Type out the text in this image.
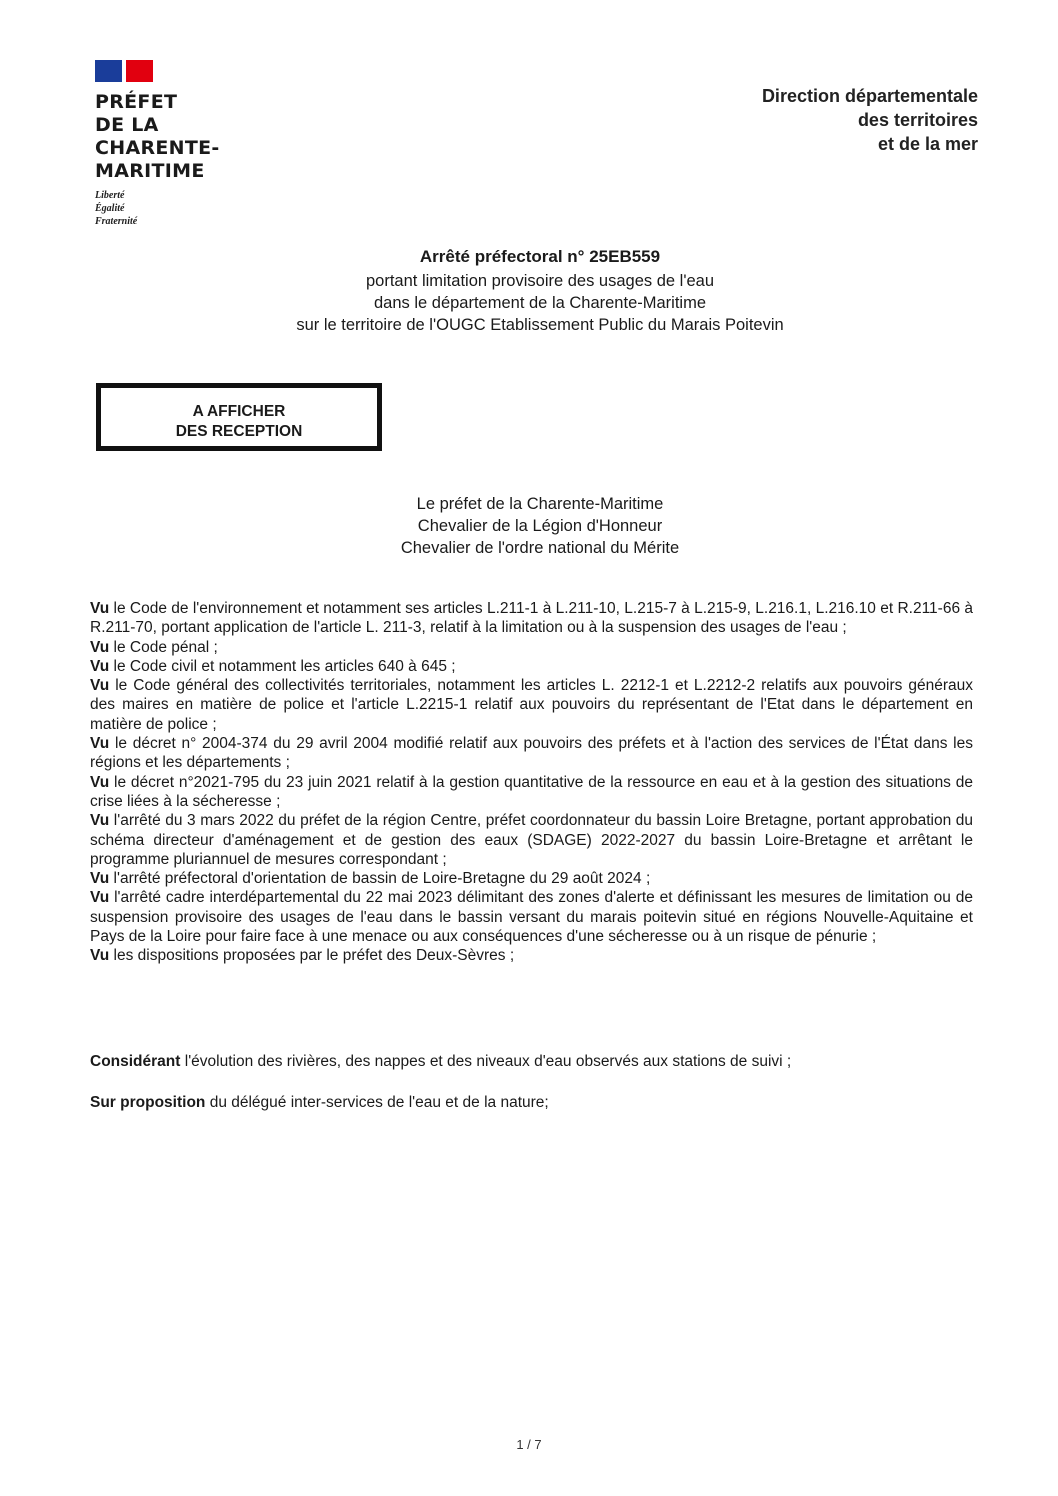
PRÉFET
DE LA
CHARENTE-
MARITIME
Liberté
Égalité
Fraternité
Direction départementale
des territoires
et de la mer
Arrêté préfectoral n° 25EB559
portant limitation provisoire des usages de l'eau
dans le département de la Charente-Maritime
sur le territoire de l'OUGC Etablissement Public du Marais Poitevin
A AFFICHER
DES RECEPTION
Le préfet de la Charente-Maritime
Chevalier de la Légion d'Honneur
Chevalier de l'ordre national du Mérite

Vu le Code de l'environnement et notamment ses articles L.211-1 à L.211-10, L.215-7 à L.215-9, L.216.1, L.216.10 et R.211-66 à R.211-70, portant application de l'article L. 211-3, relatif à la limitation ou à la suspension des usages de l'eau ;

Vu le Code pénal ;

Vu le Code civil et notamment les articles 640 à 645 ;

Vu le Code général des collectivités territoriales, notamment les articles L. 2212-1 et L.2212-2 relatifs aux pouvoirs généraux des maires en matière de police et l'article L.2215-1 relatif aux pouvoirs du représentant de l'Etat dans le département en matière de police ;

Vu le décret n° 2004-374 du 29 avril 2004 modifié relatif aux pouvoirs des préfets et à l'action des services de l'État dans les régions et les départements ;

Vu le décret n°2021-795 du 23 juin 2021 relatif à la gestion quantitative de la ressource en eau et à la gestion des situations de crise liées à la sécheresse ;

Vu l'arrêté du 3 mars 2022 du préfet de la région Centre, préfet coordonnateur du bassin Loire Bretagne, portant approbation du schéma directeur d'aménagement et de gestion des eaux (SDAGE) 2022-2027 du bassin Loire-Bretagne et arrêtant le programme pluriannuel de mesures correspondant ;

Vu l'arrêté préfectoral d'orientation de bassin de Loire-Bretagne du 29 août 2024 ;

Vu l'arrêté cadre interdépartemental du 22 mai 2023 délimitant des zones d'alerte et définissant les mesures de limitation ou de suspension provisoire des usages de l'eau dans le bassin versant du marais poitevin situé en régions Nouvelle-Aquitaine et Pays de la Loire pour faire face à une menace ou aux conséquences d'une sécheresse ou à un risque de pénurie ;

Vu les dispositions proposées par le préfet des Deux-Sèvres ;

Considérant l'évolution des rivières, des nappes et des niveaux d'eau observés aux stations de suivi ;
Sur proposition du délégué inter-services de l'eau et de la nature;
1 / 7
